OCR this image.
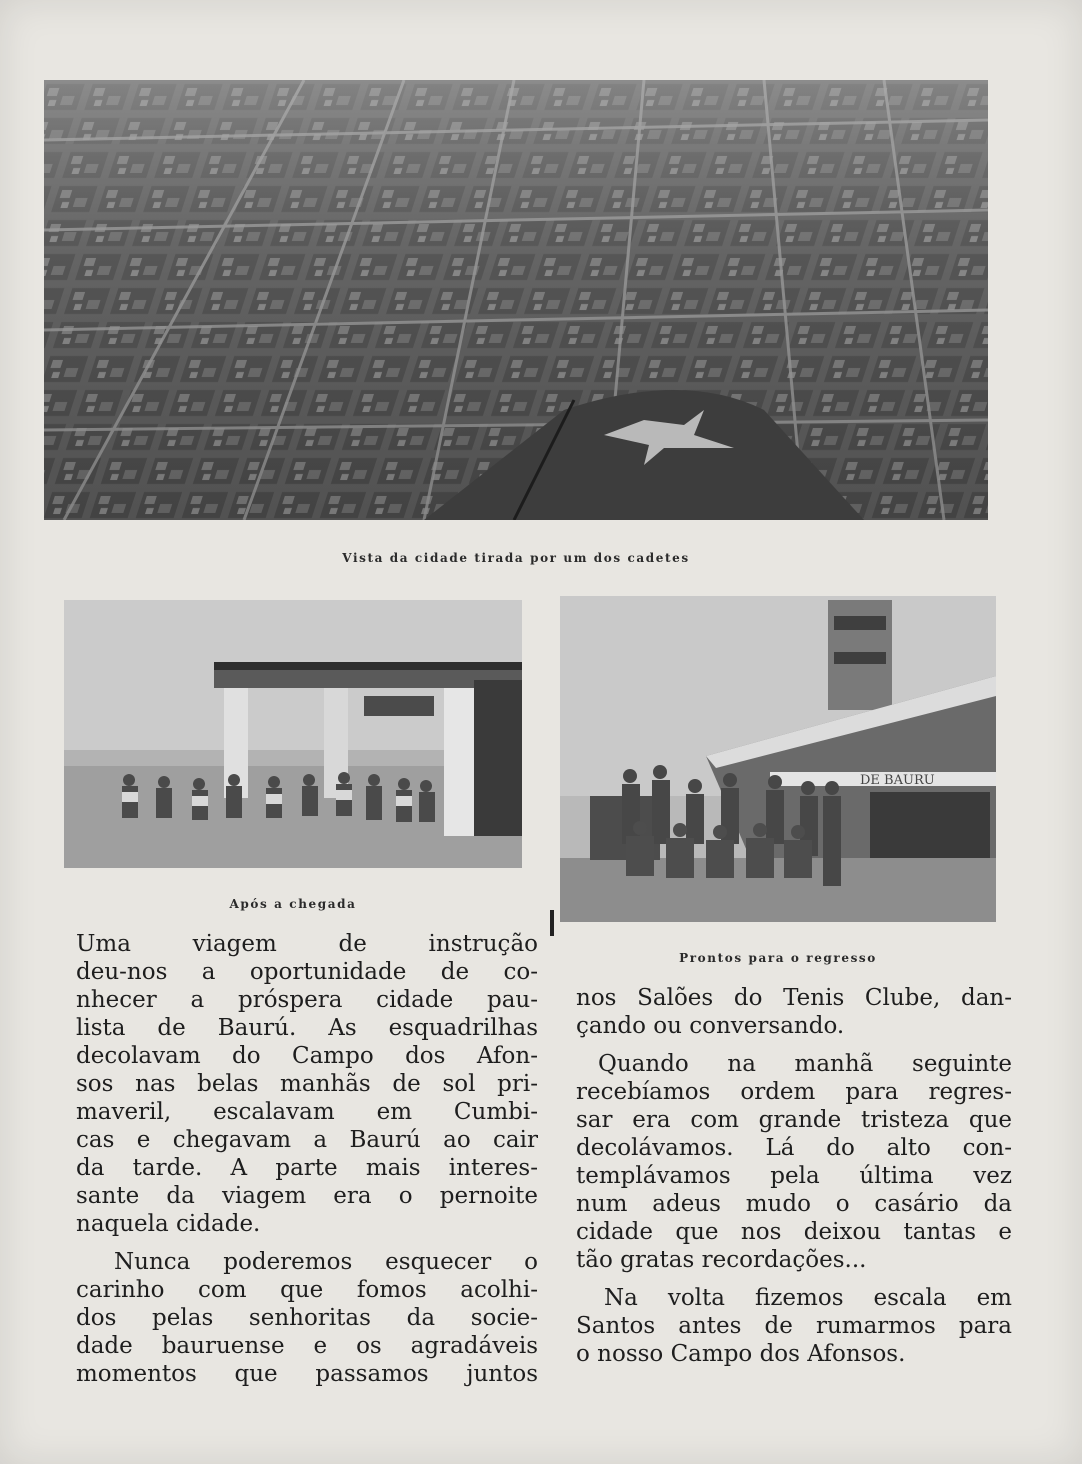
Vista da cidade tirada por um dos cadetes
Após a chegada
DE BAURU
Prontos para o regresso

Uma viagem de instrução
deu-nos a oportunidade de co-
nhecer a próspera cidade pau-
lista de Baurú. As esquadrilhas
decolavam do Campo dos Afon-
sos nas belas manhãs de sol pri-
maveril, escalavam em Cumbi-
cas e chegavam a Baurú ao cair
da tarde. A parte mais interes-
sante da viagem era o pernoite
naquela cidade.

Nunca poderemos esquecer o
carinho com que fomos acolhi-
dos pelas senhoritas da socie-
dade bauruense e os agradáveis
momentos que passamos juntos

nos Salões do Tenis Clube, dan-
çando ou conversando.

Quando na manhã seguinte
recebíamos ordem para regres-
sar era com grande tristeza que
decolávamos. Lá do alto con-
templávamos pela última vez
num adeus mudo o casário da
cidade que nos deixou tantas e
tão gratas recordações...

Na volta fizemos escala em
Santos antes de rumarmos para
o nosso Campo dos Afonsos.
